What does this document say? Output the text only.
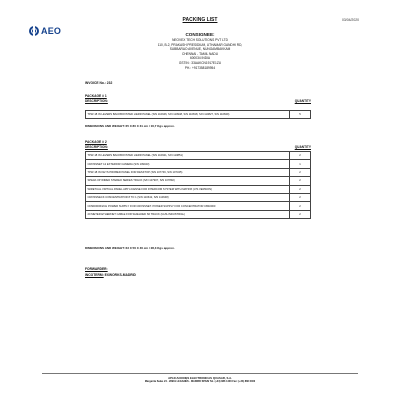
PACKING LIST	03/04/2020
AEO	CONSIGNEE:
NEOVEX TECH SOLUTIONS PVT LTD
110, B-2, PRAKASH PRESIDIUM, UTHAMAR GANDHI RD,
SUBBARAO AVENUE, NUNGAMBAKKAM
CHENNAI - TAMIL NADU
600034 INDIA
GSTIN : 33AAKCN1917E1ZU
PH.: +917358189954
INVOICE No.: 232
PACKAGE # 1
DESCRIPTION:	QUANTITY
TPW-18 IN LEVERS BACKBOXSTED LIERR PANEL (S/N 110946, S/N 110948, S/N 110818, S/N 110827, S/N 110849)	5
DIMENSIONS AND WEIGHT: 65 X 80 X 31 cm / 16,7 Kgs approx.
PACKAGE # 2
DESCRIPTION:	QUANTITY
TPW-18 IN LEVERS BACKBOXSTED LIERR PANEL (S/N 110921, S/N 110851)	2
CROSSNET 12 EXTERIOR CAMERA (S/N 109043)	1
TPW-18 IN KEYS PROBED PANEL FOR DESKTOP (S/N 107746, S/N 107345)	2
SPEAK.0P WIRED STEREO SERIES TRACK (S/N 107907, S/N 107892)	2
WIRETUAL VIRTUAL PANEL APP LICENSE FOR INTERCOM SYSTEM WITH MATRIX (V/S VERSION)	2
CROSSNECK CONCENTRATOR 8 TO 1 (S/N 110642, S/N 110648)	2
CDSD0006/2CH POWER SUPPLY FOR CROSSNET. POWER SUPPLY FOR CONCENTRATOR CB40000	2
20 METER ETHERNET CABLE FOR SHIELDED S6 TRACK (GUS-INDUSTRIAL)	2
DIMENSIONS AND WEIGHT: 63 X 56 X 46 cm / 28,3 Kgs approx.
FORWARDER:
INCOTERM: EXWORKS-MADRID
APLICACIONES ELECTRONICAS QUASAR, S.A.
Margarita Salas 24 - 28919 LEGANÉS - MADRID SPAIN Tel. (+34) 886 1400 Fax: (+34) 886 6400
